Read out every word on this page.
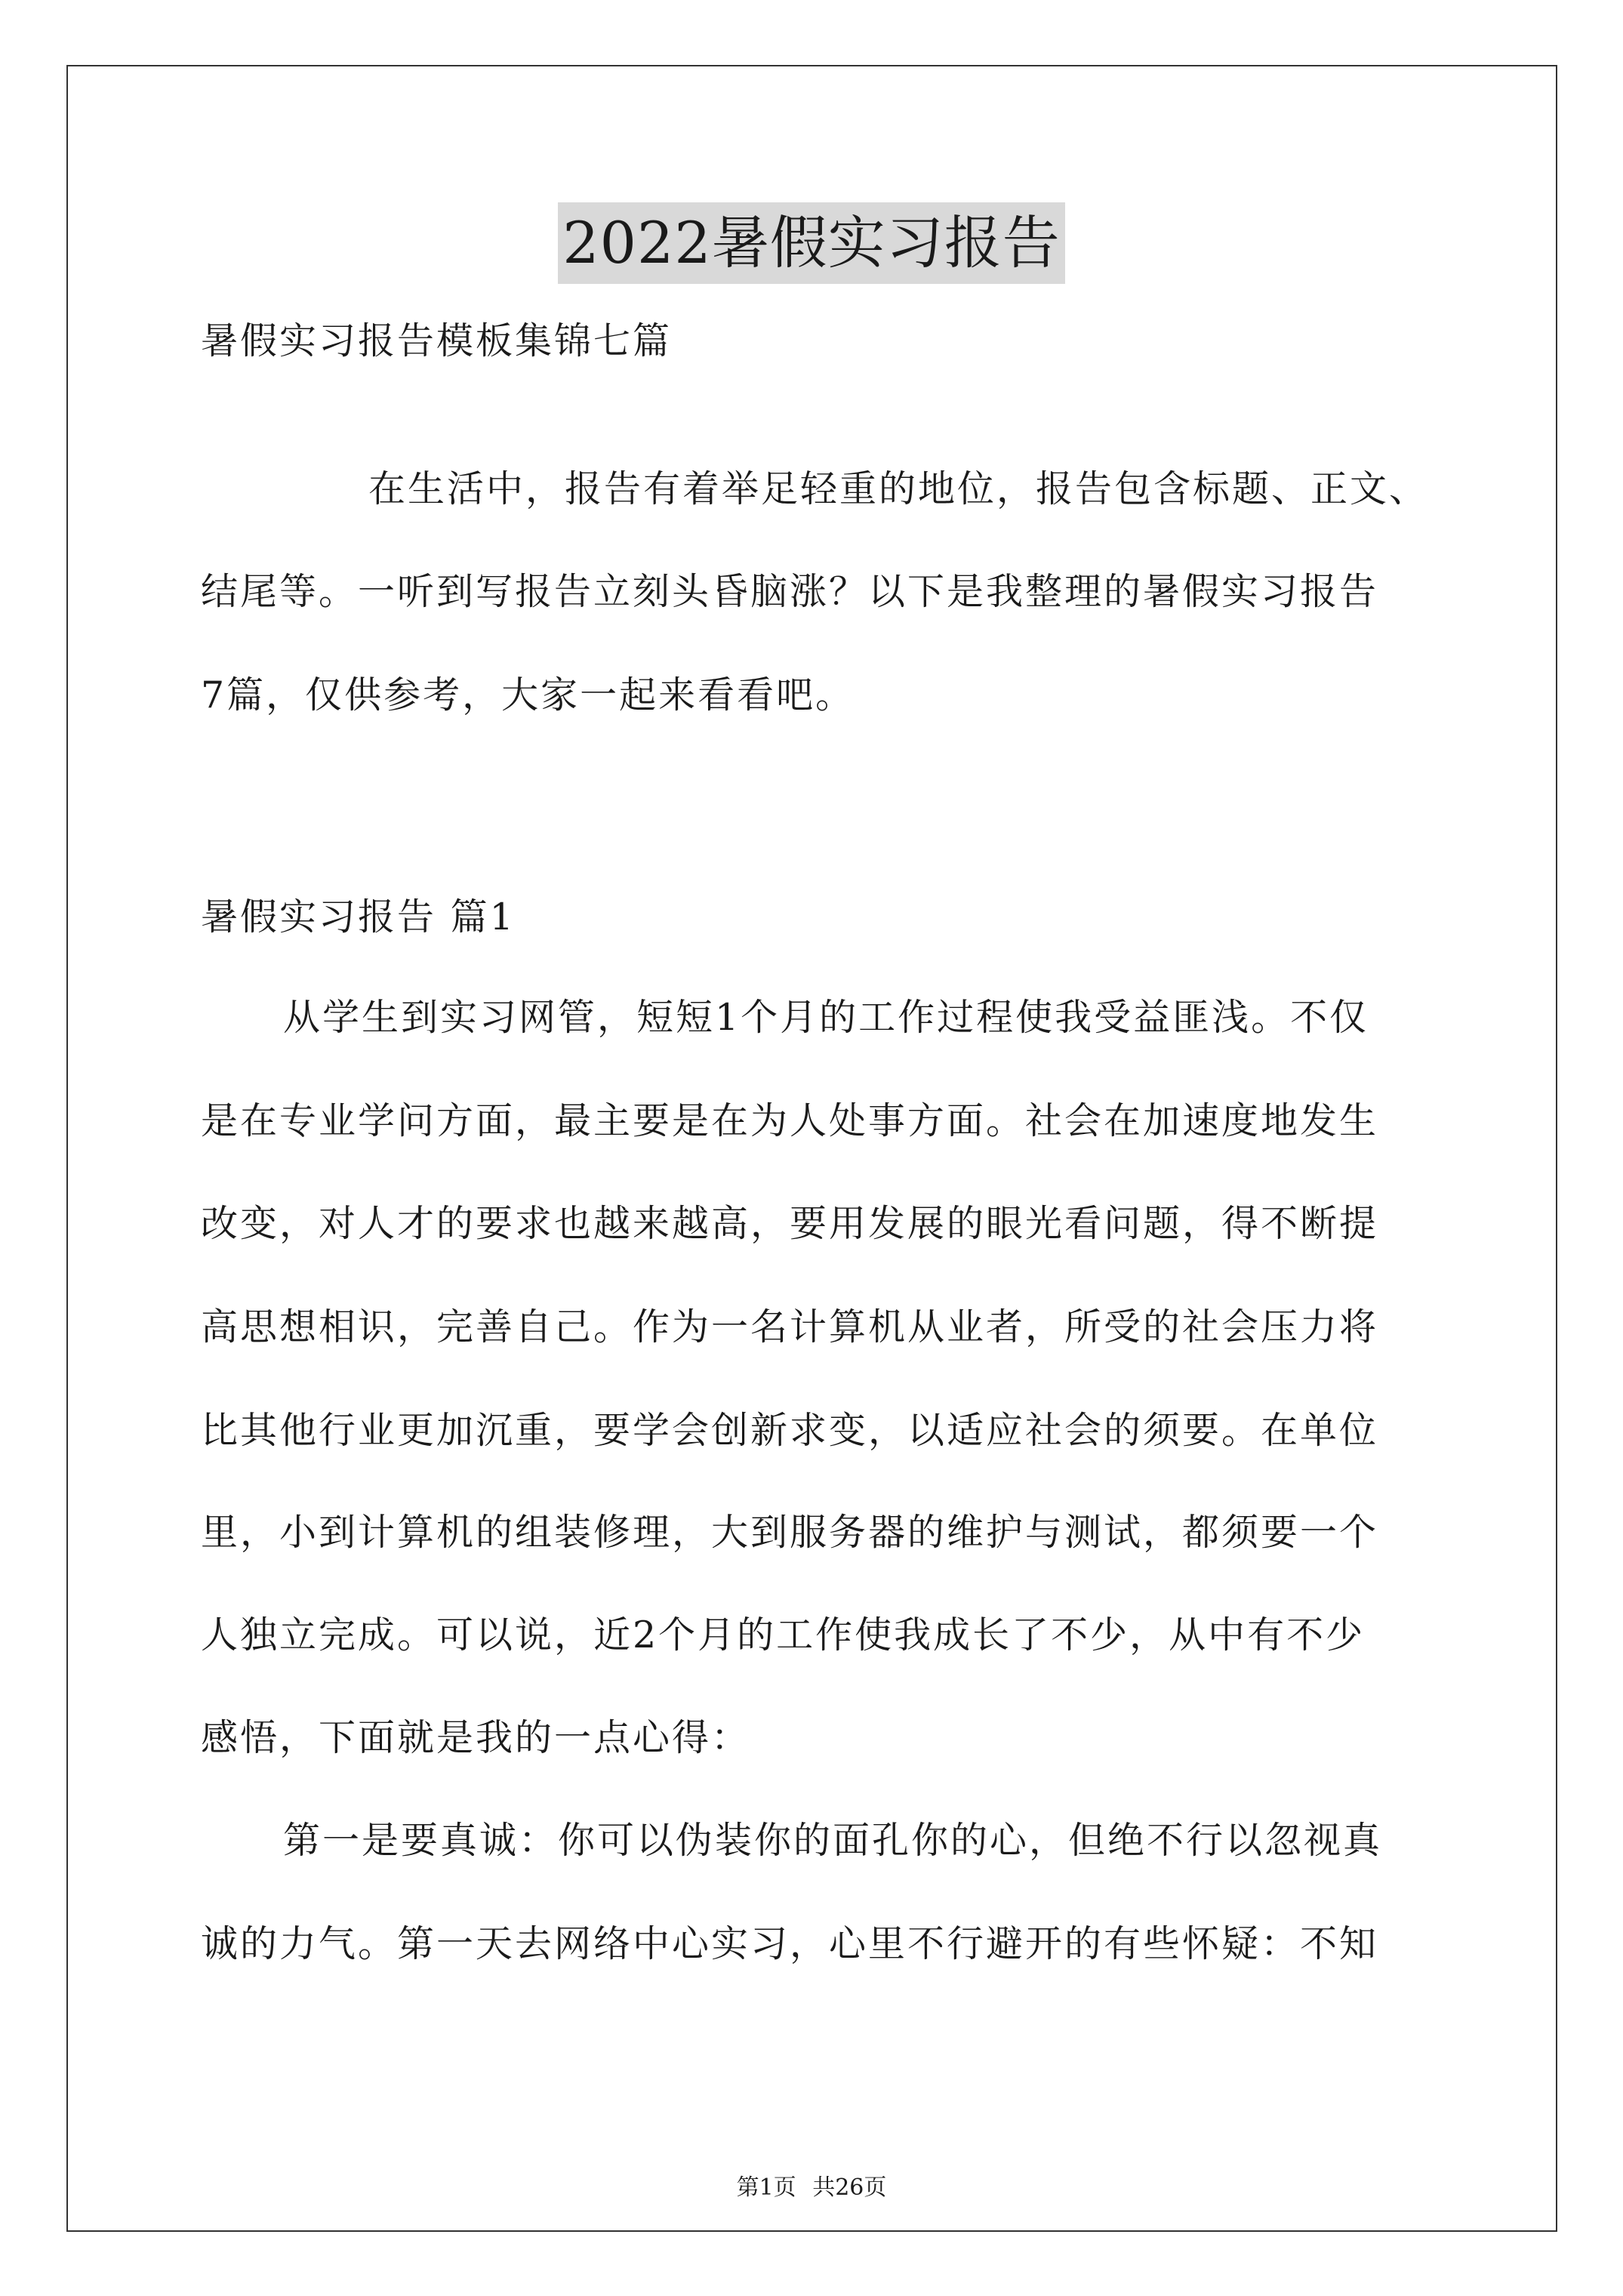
2022暑假实习报告
暑假实习报告模板集锦七篇
在生活中，报告有着举足轻重的地位，报告包含标题、正文、
结尾等。一听到写报告立刻头昏脑涨？以下是我整理的暑假实习报告
7篇，仅供参考，大家一起来看看吧。
暑假实习报告 篇1
从学生到实习网管，短短1个月的工作过程使我受益匪浅。不仅
是在专业学问方面，最主要是在为人处事方面。社会在加速度地发生
改变，对人才的要求也越来越高，要用发展的眼光看问题，得不断提
高思想相识，完善自己。作为一名计算机从业者，所受的社会压力将
比其他行业更加沉重，要学会创新求变，以适应社会的须要。在单位
里，小到计算机的组装修理，大到服务器的维护与测试，都须要一个
人独立完成。可以说，近2个月的工作使我成长了不少，从中有不少
感悟，下面就是我的一点心得：
第一是要真诚：你可以伪装你的面孔你的心，但绝不行以忽视真
诚的力气。第一天去网络中心实习，心里不行避开的有些怀疑：不知
第1页 共26页
